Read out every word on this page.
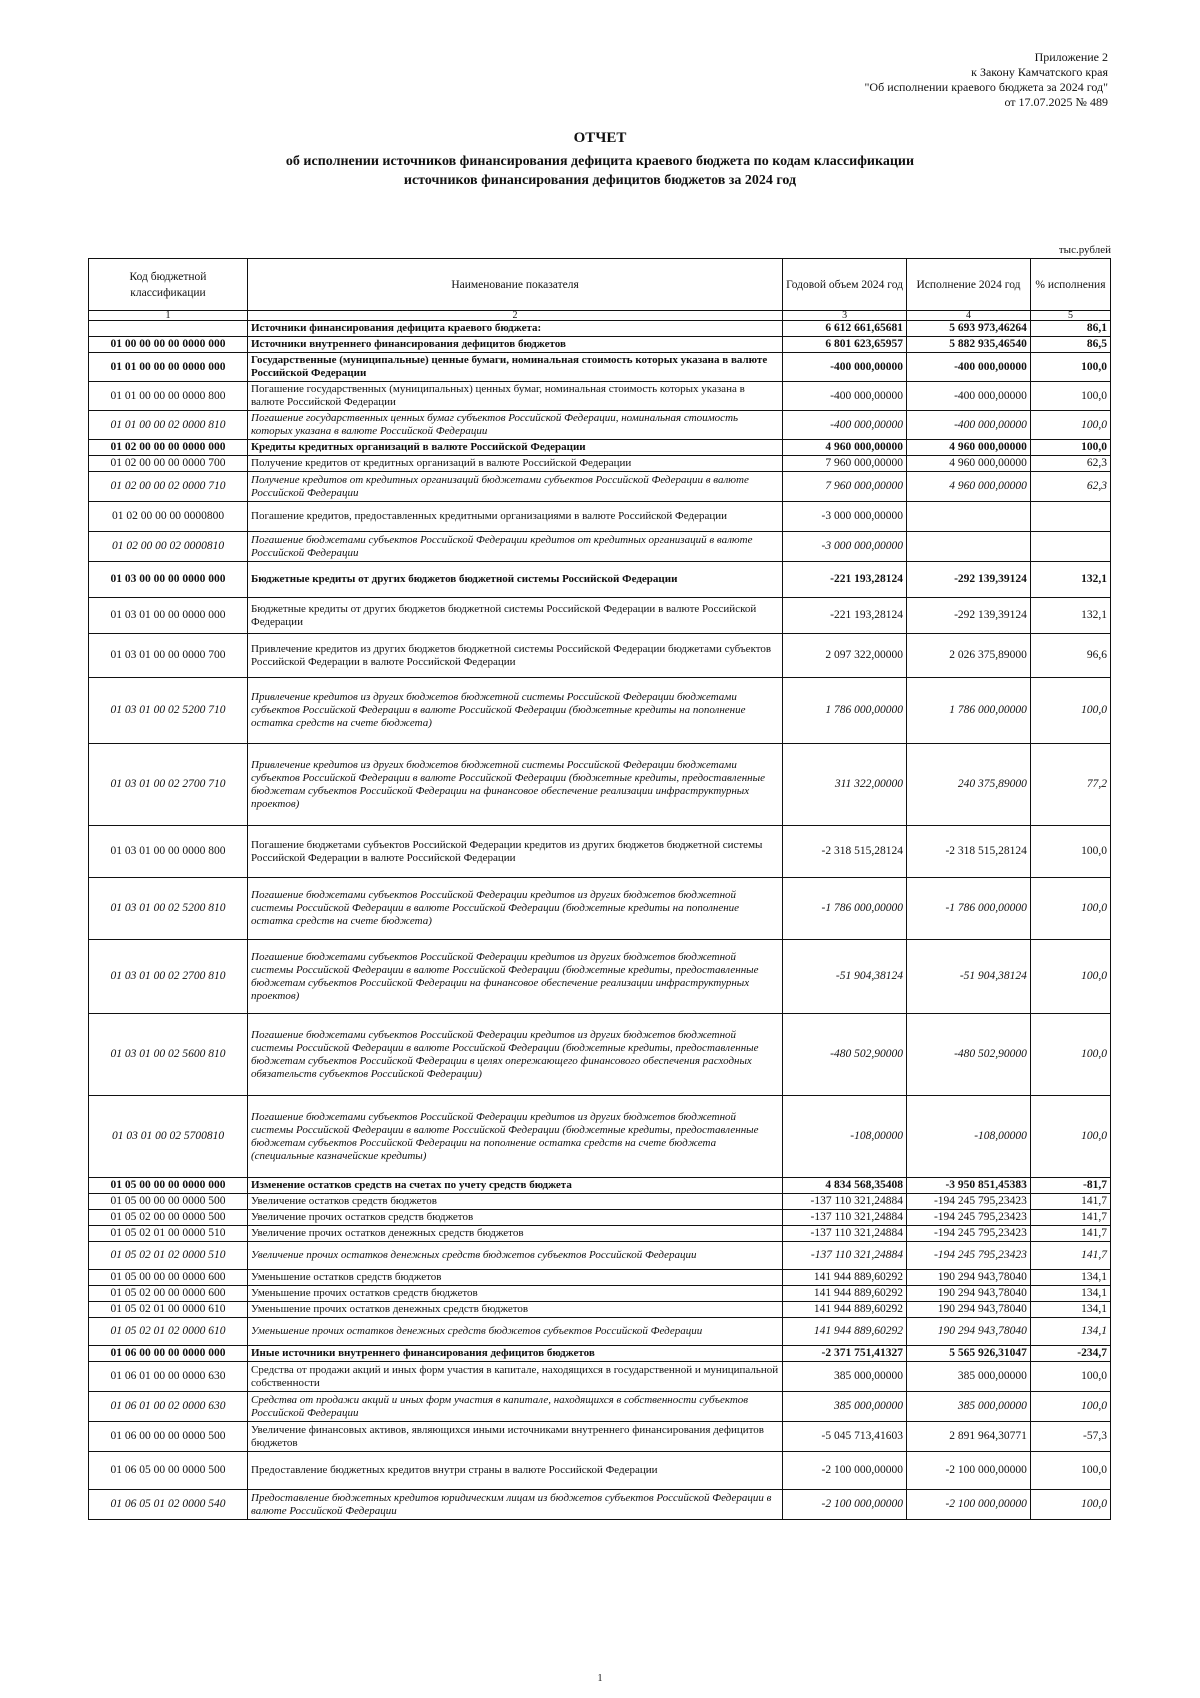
Приложение 2
к Закону Камчатского края
"Об исполнении краевого бюджета за 2024 год"
от 17.07.2025 № 489
ОТЧЕТ
об исполнении источников финансирования дефицита краевого бюджета по кодам классификации
источников финансирования дефицитов бюджетов за 2024 год
тыс.рублей
Код бюджетной классификации	Наименование показателя	Годовой объем 2024 год	Исполнение 2024 год	% исполнения
1	2	3	4	5
	Источники финансирования дефицита краевого бюджета:	6 612 661,65681	5 693 973,46264	86,1
01 00 00 00 00 0000 000	Источники внутреннего финансирования дефицитов бюджетов	6 801 623,65957	5 882 935,46540	86,5
01 01 00 00 00 0000 000	Государственные (муниципальные) ценные бумаги, номинальная стоимость которых указана в валюте Российской Федерации	-400 000,00000	-400 000,00000	100,0
01 01 00 00 00 0000 800	Погашение государственных (муниципальных) ценных бумаг, номинальная стоимость которых указана в валюте Российской Федерации	-400 000,00000	-400 000,00000	100,0
01 01 00 00 02 0000 810	Погашение государственных ценных бумаг субъектов Российской Федерации, номинальная стоимость которых указана в валюте Российской Федерации	-400 000,00000	-400 000,00000	100,0
01 02 00 00 00 0000 000	Кредиты кредитных организаций в валюте Российской Федерации	4 960 000,00000	4 960 000,00000	100,0
01 02 00 00 00 0000 700	Получение кредитов от кредитных организаций в валюте Российской Федерации	7 960 000,00000	4 960 000,00000	62,3
01 02 00 00 02 0000 710	Получение кредитов от кредитных организаций бюджетами субъектов Российской Федерации в валюте Российской Федерации	7 960 000,00000	4 960 000,00000	62,3
01 02 00 00 00 0000800	Погашение кредитов, предоставленных кредитными организациями в валюте Российской Федерации	-3 000 000,00000		
01 02 00 00 02 0000810	Погашение бюджетами субъектов Российской Федерации кредитов от кредитных организаций в валюте Российской Федерации	-3 000 000,00000		
01 03 00 00 00 0000 000	Бюджетные кредиты от других бюджетов бюджетной системы Российской Федерации	-221 193,28124	-292 139,39124	132,1
01 03 01 00 00 0000 000	Бюджетные кредиты от других бюджетов бюджетной системы Российской Федерации в валюте Российской Федерации	-221 193,28124	-292 139,39124	132,1
01 03 01 00 00 0000 700	Привлечение кредитов из других бюджетов бюджетной системы Российской Федерации бюджетами субъектов Российской Федерации в валюте Российской Федерации	2 097 322,00000	2 026 375,89000	96,6
01 03 01 00 02 5200 710	Привлечение кредитов из других бюджетов бюджетной системы Российской Федерации бюджетами субъектов Российской Федерации в валюте Российской Федерации (бюджетные кредиты на пополнение остатка средств на счете бюджета)	1 786 000,00000	1 786 000,00000	100,0
01 03 01 00 02 2700 710	Привлечение кредитов из других бюджетов бюджетной системы Российской Федерации бюджетами субъектов Российской Федерации в валюте Российской Федерации (бюджетные кредиты, предоставленные бюджетам субъектов Российской Федерации на финансовое обеспечение реализации инфраструктурных проектов)	311 322,00000	240 375,89000	77,2
01 03 01 00 00 0000 800	Погашение бюджетами субъектов Российской Федерации кредитов из других бюджетов бюджетной системы Российской Федерации в валюте Российской Федерации	-2 318 515,28124	-2 318 515,28124	100,0
01 03 01 00 02 5200 810	Погашение бюджетами субъектов Российской Федерации кредитов из других бюджетов бюджетной системы Российской Федерации в валюте Российской Федерации (бюджетные кредиты на пополнение остатка средств на счете бюджета)	-1 786 000,00000	-1 786 000,00000	100,0
01 03 01 00 02 2700 810	Погашение бюджетами субъектов Российской Федерации кредитов из других бюджетов бюджетной системы Российской Федерации в валюте Российской Федерации (бюджетные кредиты, предоставленные бюджетам субъектов Российской Федерации на финансовое обеспечение реализации инфраструктурных проектов)	-51 904,38124	-51 904,38124	100,0
01 03 01 00 02 5600 810	Погашение бюджетами субъектов Российской Федерации кредитов из других бюджетов бюджетной системы Российской Федерации в валюте Российской Федерации (бюджетные кредиты, предоставленные бюджетам субъектов Российской Федерации в целях опережающего финансового обеспечения расходных обязательств субъектов Российской Федерации)	-480 502,90000	-480 502,90000	100,0
01 03 01 00 02 5700810	Погашение бюджетами субъектов Российской Федерации кредитов из других бюджетов бюджетной системы Российской Федерации в валюте Российской Федерации (бюджетные кредиты, предоставленные бюджетам субъектов Российской Федерации на пополнение остатка средств на счете бюджета (специальные казначейские кредиты)	-108,00000	-108,00000	100,0
01 05 00 00 00 0000 000	Изменение остатков средств на счетах по учету средств бюджета	4 834 568,35408	-3 950 851,45383	-81,7
01 05 00 00 00 0000 500	Увеличение остатков средств бюджетов	-137 110 321,24884	-194 245 795,23423	141,7
01 05 02 00 00 0000 500	Увеличение прочих остатков средств бюджетов	-137 110 321,24884	-194 245 795,23423	141,7
01 05 02 01 00 0000 510	Увеличение прочих остатков денежных средств бюджетов	-137 110 321,24884	-194 245 795,23423	141,7
01 05 02 01 02 0000 510	Увеличение прочих остатков денежных средств бюджетов субъектов Российской Федерации	-137 110 321,24884	-194 245 795,23423	141,7
01 05 00 00 00 0000 600	Уменьшение остатков средств бюджетов	141 944 889,60292	190 294 943,78040	134,1
01 05 02 00 00 0000 600	Уменьшение прочих остатков средств бюджетов	141 944 889,60292	190 294 943,78040	134,1
01 05 02 01 00 0000 610	Уменьшение прочих остатков денежных средств бюджетов	141 944 889,60292	190 294 943,78040	134,1
01 05 02 01 02 0000 610	Уменьшение прочих остатков денежных средств бюджетов субъектов Российской Федерации	141 944 889,60292	190 294 943,78040	134,1
01 06 00 00 00 0000 000	Иные источники внутреннего финансирования дефицитов бюджетов	-2 371 751,41327	5 565 926,31047	-234,7
01 06 01 00 00 0000 630	Средства от продажи акций и иных форм участия в капитале, находящихся в государственной и муниципальной собственности	385 000,00000	385 000,00000	100,0
01 06 01 00 02 0000 630	Средства от продажи акций и иных форм участия в капитале, находящихся в собственности субъектов Российской Федерации	385 000,00000	385 000,00000	100,0
01 06 00 00 00 0000 500	Увеличение финансовых активов, являющихся иными источниками внутреннего финансирования дефицитов бюджетов	-5 045 713,41603	2 891 964,30771	-57,3
01 06 05 00 00 0000 500	Предоставление бюджетных кредитов внутри страны в валюте Российской Федерации	-2 100 000,00000	-2 100 000,00000	100,0
01 06 05 01 02 0000 540	Предоставление бюджетных кредитов юридическим лицам из бюджетов субъектов Российской Федерации в валюте Российской Федерации	-2 100 000,00000	-2 100 000,00000	100,0
1
